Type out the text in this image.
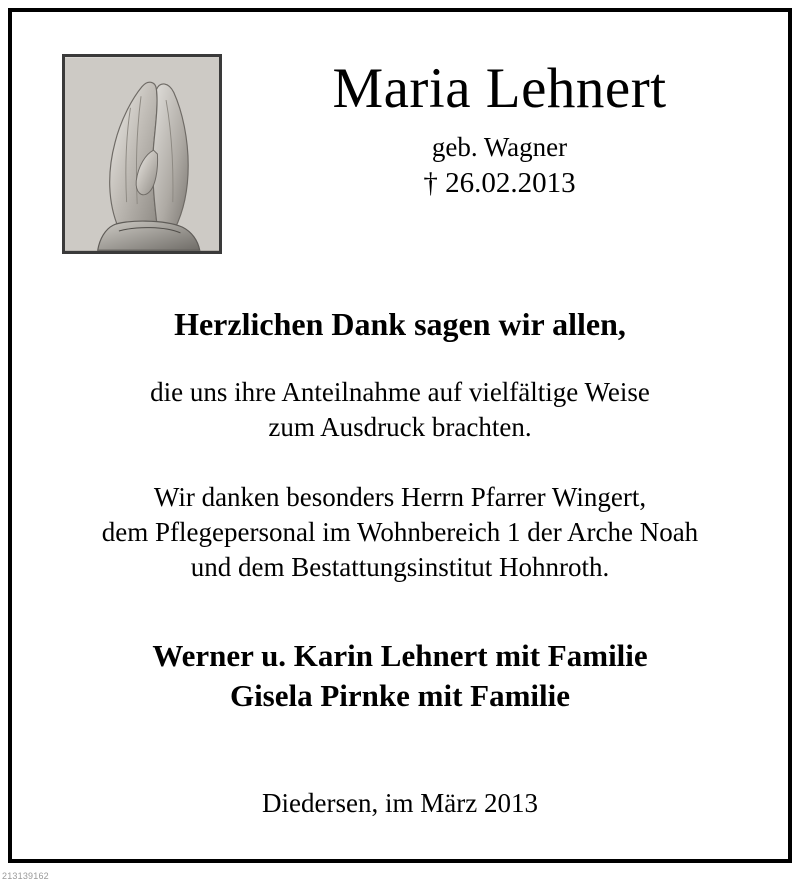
Maria Lehnert
geb. Wagner
† 26.02.2013
Herzlichen Dank sagen wir allen,
die uns ihre Anteilnahme auf vielfältige Weise
zum Ausdruck brachten.
Wir danken besonders Herrn Pfarrer Wingert,
dem Pflegepersonal im Wohnbereich 1 der Arche Noah
und dem Bestattungsinstitut Hohnroth.
Werner u. Karin Lehnert mit Familie
Gisela Pirnke mit Familie
Diedersen, im März 2013
213139162
